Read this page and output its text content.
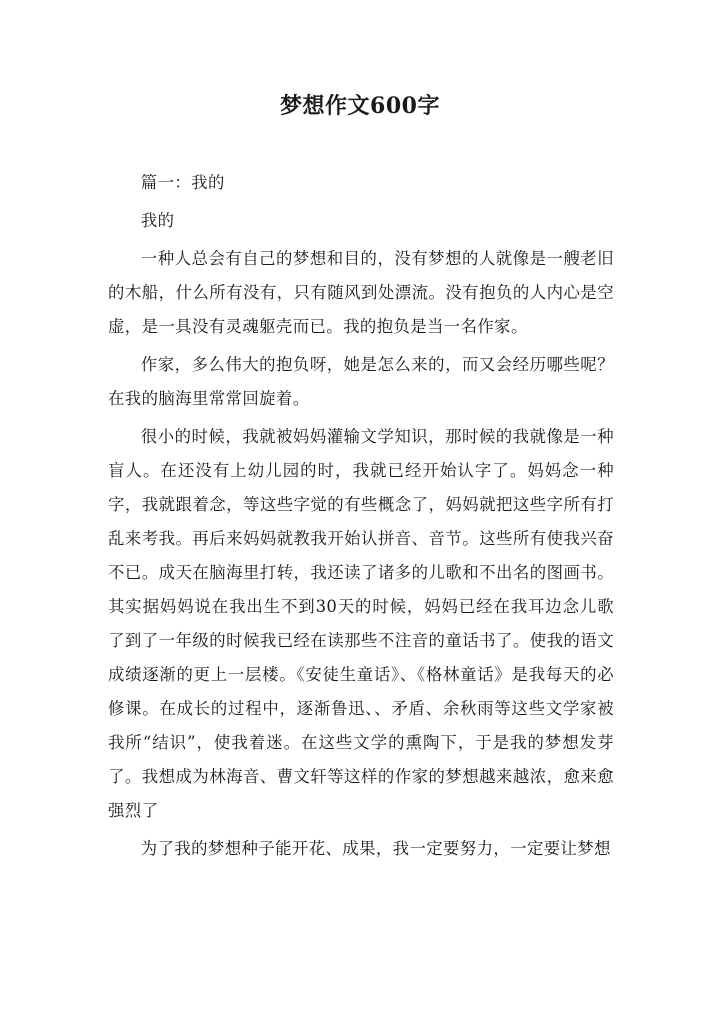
梦想作文600字

篇一：我的

我的

一种人总会有自己的梦想和目的，没有梦想的人就像是一艘老旧的木船，什么所有没有，只有随风到处漂流。没有抱负的人内心是空虚，是一具没有灵魂躯壳而已。我的抱负是当一名作家。

作家，多么伟大的抱负呀，她是怎么来的，而又会经历哪些呢？在我的脑海里常常回旋着。

很小的时候，我就被妈妈灌输文学知识，那时候的我就像是一种盲人。在还没有上幼儿园的时，我就已经开始认字了。妈妈念一种字，我就跟着念，等这些字觉的有些概念了，妈妈就把这些字所有打乱来考我。再后来妈妈就教我开始认拼音、音节。这些所有使我兴奋不已。成天在脑海里打转，我还读了诸多的儿歌和不出名的图画书。 其实据妈妈说在我出生不到30天的时候，妈妈已经在我耳边念儿歌了到了一年级的时候我已经在读那些不注音的童话书了。使我的语文成绩逐渐的更上一层楼。《安徒生童话》、《格林童话》是我每天的必修课。在成长的过程中，逐渐鲁迅、、矛盾、余秋雨等这些文学家被我所“结识”，使我着迷。在这些文学的熏陶下，于是我的梦想发芽了。我想成为林海音、曹文轩等这样的作家的梦想越来越浓，愈来愈强烈了

为了我的梦想种子能开花、成果，我一定要努力，一定要让梦想
